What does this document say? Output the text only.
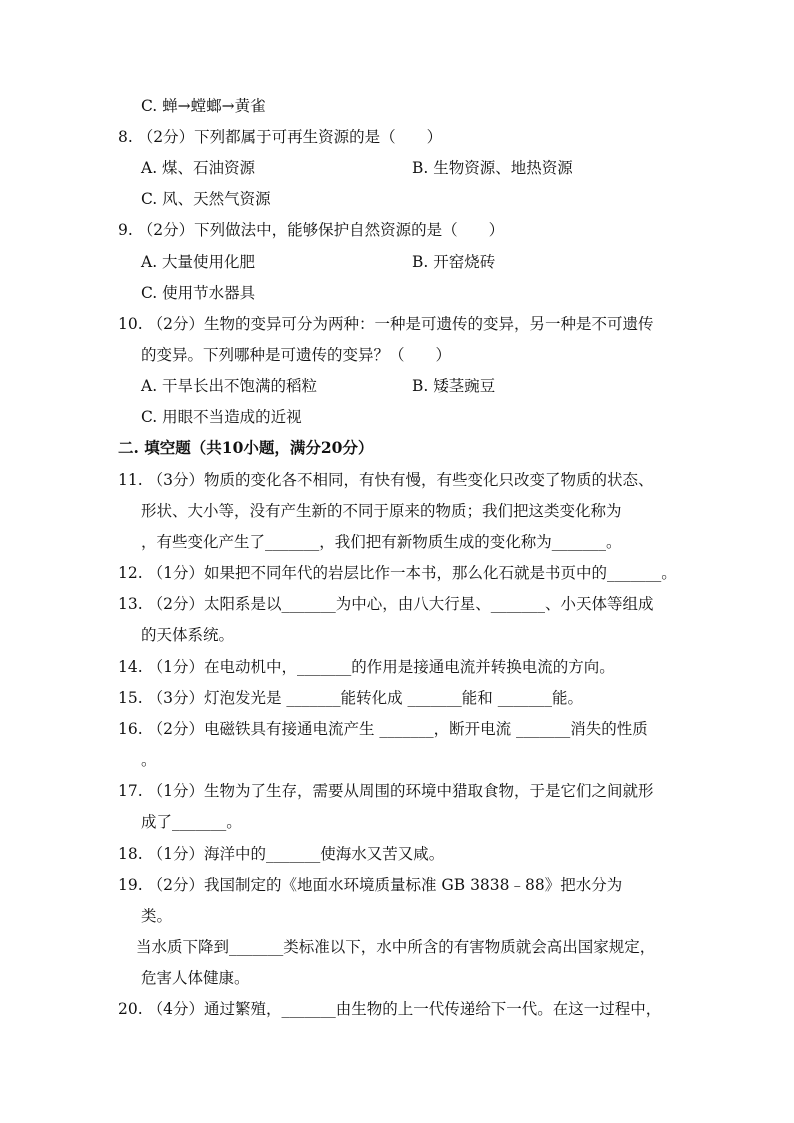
C. 蝉→螳螂→黄雀
8. （2分）下列都属于可再生资源的是（　　）
A. 煤、石油资源	B. 生物资源、地热资源
C. 风、天然气资源
9. （2分）下列做法中，能够保护自然资源的是（　　）
A. 大量使用化肥	B. 开窑烧砖
C. 使用节水器具
10. （2分）生物的变异可分为两种：一种是可遗传的变异，另一种是不可遗传
的变异。下列哪种是可遗传的变异？（　　）
A. 干旱长出不饱满的稻粒	B. 矮茎豌豆
C. 用眼不当造成的近视
二. 填空题（共10小题，满分20分）
11. （3分）物质的变化各不相同，有快有慢，有些变化只改变了物质的状态、
形状、大小等，没有产生新的不同于原来的物质；我们把这类变化称为
，有些变化产生了_______，我们把有新物质生成的变化称为_______。
12. （1分）如果把不同年代的岩层比作一本书，那么化石就是书页中的_______。
13. （2分）太阳系是以_______为中心，由八大行星、_______、小天体等组成
的天体系统。
14. （1分）在电动机中，_______的作用是接通电流并转换电流的方向。
15. （3分）灯泡发光是 _______能转化成 _______能和 _______能。
16. （2分）电磁铁具有接通电流产生 _______，断开电流 _______消失的性质
。
17. （1分）生物为了生存，需要从周围的环境中猎取食物，于是它们之间就形
成了_______。
18. （1分）海洋中的_______使海水又苦又咸。
19. （2分）我国制定的《地面水环境质量标准 GB 3838﹣88》把水分为
类。
当水质下降到_______类标准以下，水中所含的有害物质就会高出国家规定，
危害人体健康。
20. （4分）通过繁殖，_______由生物的上一代传递给下一代。在这一过程中，
